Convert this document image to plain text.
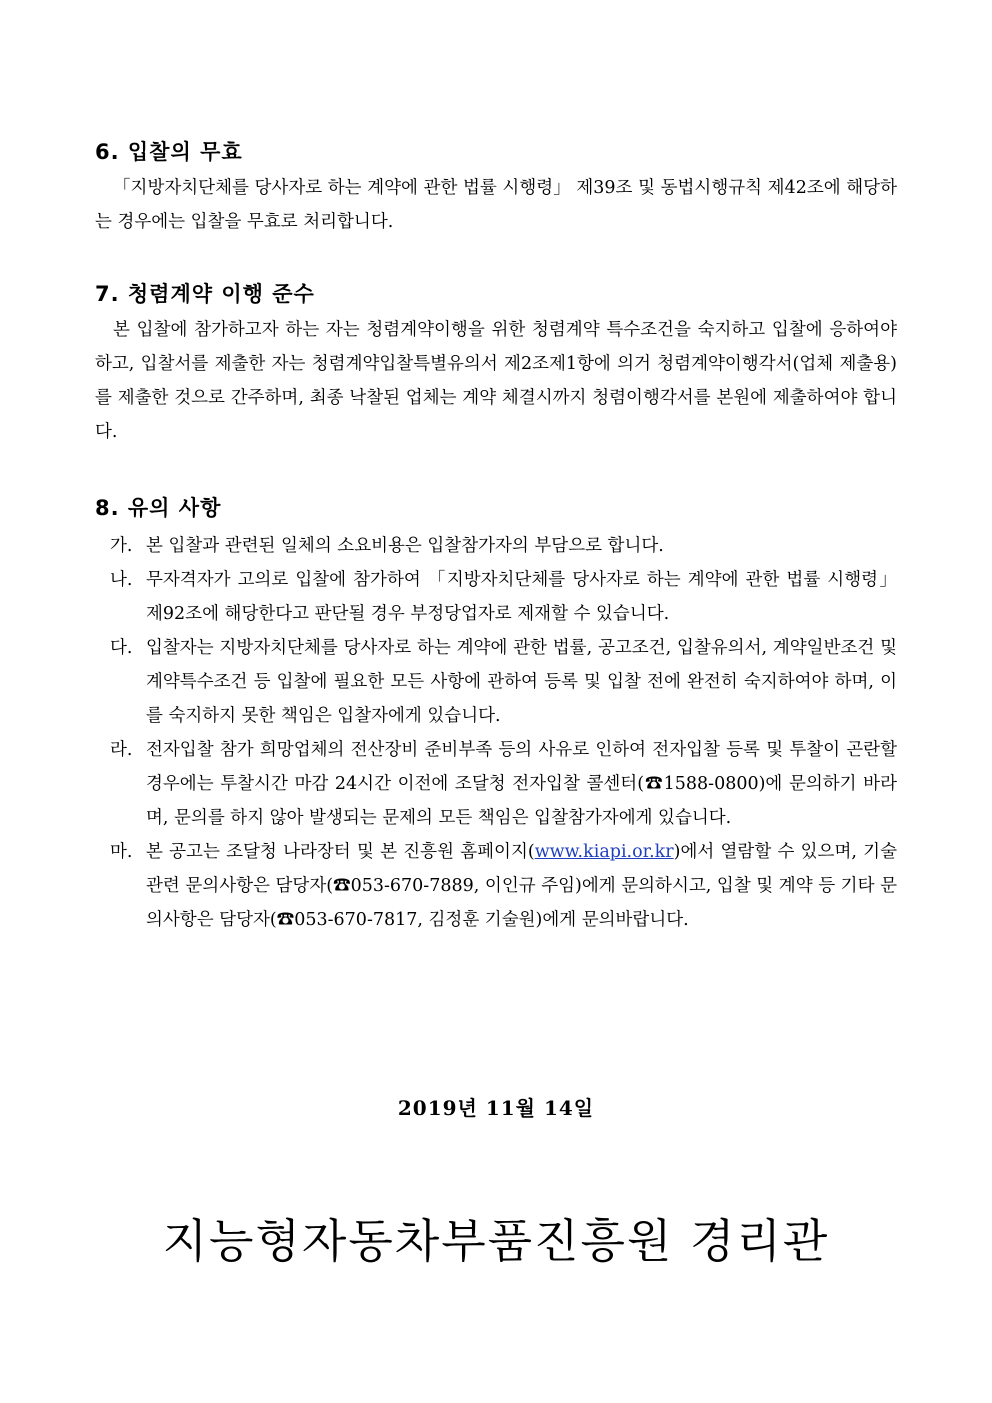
6. 입찰의 무효

「지방자치단체를 당사자로 하는 계약에 관한 법률 시행령」 제39조 및 동법시행규칙 제42조에 해당하는 경우에는 입찰을 무효로 처리합니다.

7. 청렴계약 이행 준수

본 입찰에 참가하고자 하는 자는 청렴계약이행을 위한 청렴계약 특수조건을 숙지하고 입찰에 응하여야 하고, 입찰서를 제출한 자는 청렴계약입찰특별유의서 제2조제1항에 의거 청렴계약이행각서(업체 제출용)를 제출한 것으로 간주하며, 최종 낙찰된 업체는 계약 체결시까지 청렴이행각서를 본원에 제출하여야 합니다.

8. 유의 사항
가. 본 입찰과 관련된 일체의 소요비용은 입찰참가자의 부담으로 합니다.
나. 무자격자가 고의로 입찰에 참가하여 「지방자치단체를 당사자로 하는 계약에 관한 법률 시행령」 제92조에 해당한다고 판단될 경우 부정당업자로 제재할 수 있습니다.
다. 입찰자는 지방자치단체를 당사자로 하는 계약에 관한 법률, 공고조건, 입찰유의서, 계약일반조건 및 계약특수조건 등 입찰에 필요한 모든 사항에 관하여 등록 및 입찰 전에 완전히 숙지하여야 하며, 이를 숙지하지 못한 책임은 입찰자에게 있습니다.
라. 전자입찰 참가 희망업체의 전산장비 준비부족 등의 사유로 인하여 전자입찰 등록 및 투찰이 곤란할 경우에는 투찰시간 마감 24시간 이전에 조달청 전자입찰 콜센터(☎1588-0800)에 문의하기 바라며, 문의를 하지 않아 발생되는 문제의 모든 책임은 입찰참가자에게 있습니다.
마. 본 공고는 조달청 나라장터 및 본 진흥원 홈페이지(www.kiapi.or.kr)에서 열람할 수 있으며, 기술관련 문의사항은 담당자(☎053-670-7889, 이인규 주임)에게 문의하시고, 입찰 및 계약 등 기타 문의사항은 담당자(☎053-670-7817, 김정훈 기술원)에게 문의바랍니다.
2019년 11월 14일
지능형자동차부품진흥원 경리관
